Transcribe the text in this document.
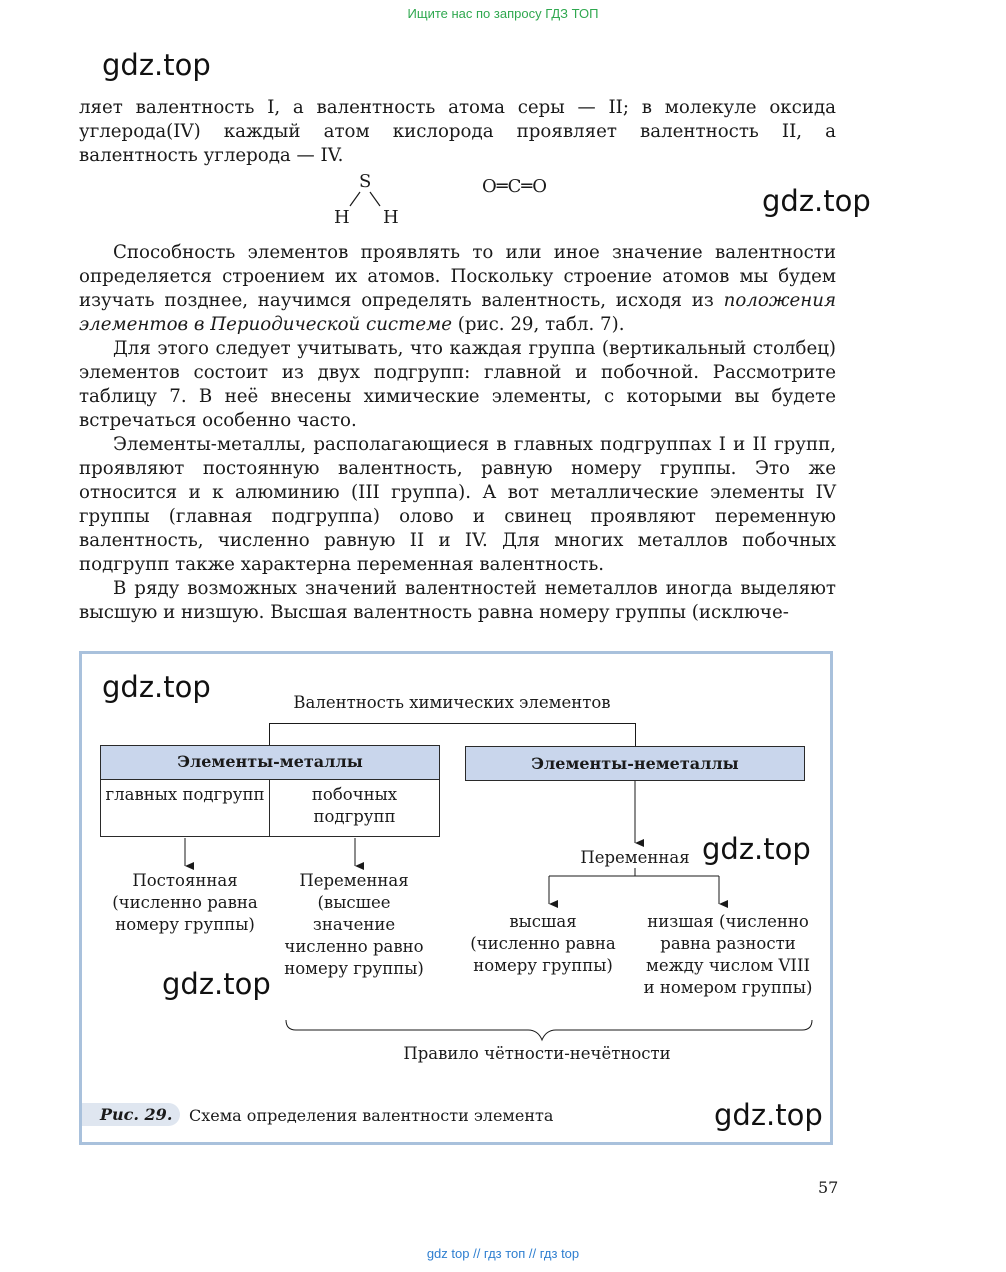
Ищите нас по запросу ГДЗ ТОП
gdz.top

ляет валентность I, а валентность атома серы — II; в молекуле оксида углерода(IV) каждый атом кислорода проявляет валентность II, а валентность углерода — IV.

S
H H
O═C═O	gdz.top

Способность элементов проявлять то или иное значение валентности определяется строением их атомов. Поскольку строение атомов мы будем изучать позднее, научимся определять валентность, исходя из положения элементов в Периодической системе (рис. 29, табл. 7).

Для этого следует учитывать, что каждая группа (вертикальный столбец) элементов состоит из двух подгрупп: главной и побочной. Рассмотрите таблицу 7. В неё внесены химические элементы, с которыми вы будете встречаться особенно часто.

Элементы-металлы, располагающиеся в главных подгруппах I и II групп, проявляют постоянную валентность, равную номеру группы. Это же относится и к алюминию (III группа). А вот металлические элементы IV группы (главная подгруппа) олово и свинец проявляют переменную валентность, численно равную II и IV. Для многих металлов побочных подгрупп также характерна переменная валентность.

В ряду возможных значений валентностей неметаллов иногда выделяют высшую и низшую. Высшая валентность равна номеру группы (исключе-

gdz.top	Валентность химических элементов
Элементы-металлы
главных подгрупп	побочных подгрупп
Элементы-неметаллы
Постоянная (численно равна номеру группы)
Переменная (высшее значение численно равно номеру группы)
Переменная gdz.top
высшая (численно равна номеру группы)
низшая (численно равна разности между числом VIII и номером группы)
gdz.top
Правило чётности-нечётности
Рис. 29.	Схема определения валентности элемента	gdz.top
57
gdz top // гдз топ // гдз top
